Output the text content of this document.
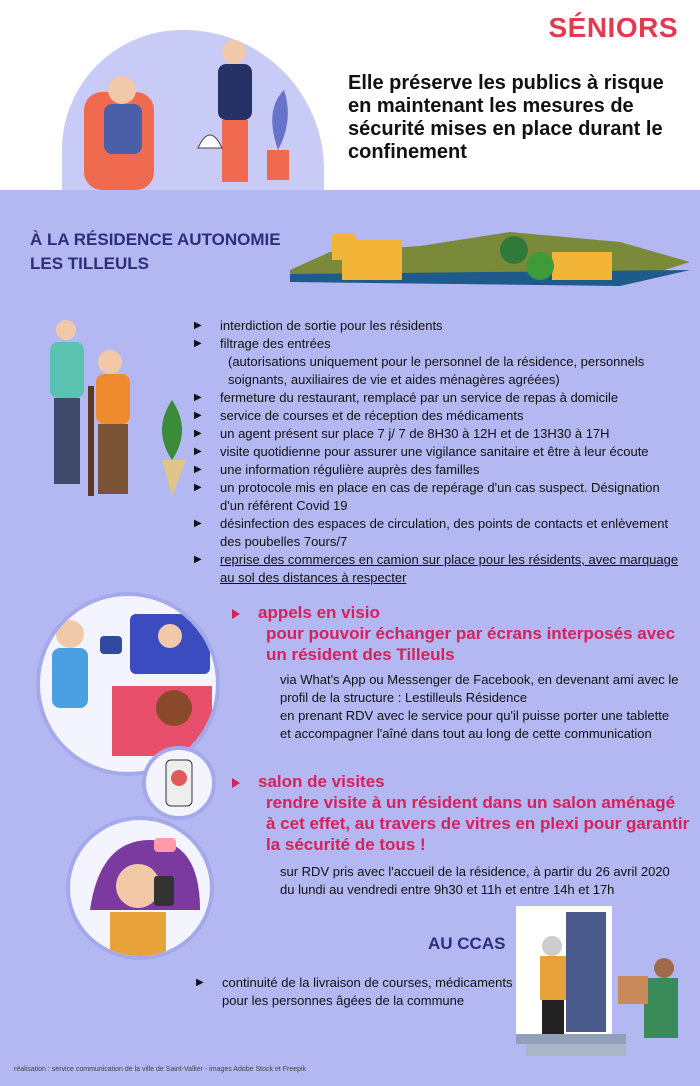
SÉNIORS
Elle préserve les publics à risque en maintenant les mesures de sécurité mises en place durant le confinement
À LA RÉSIDENCE AUTONOMIE
LES TILLEULS
▶ interdiction de sortie pour les résidents
▶ filtrage des entrées
(autorisations uniquement pour le personnel de la résidence, personnels soignants, auxiliaires de vie et aides ménagères agréées)
▶ fermeture du restaurant, remplacé par un service de repas à domicile
▶ service de courses et de réception des médicaments
▶ un agent présent sur place 7 j/ 7 de 8H30 à 12H et de 13H30 à 17H
▶ visite quotidienne pour assurer une vigilance sanitaire et être à leur écoute
▶ une information régulière auprès des familles
▶ un protocole mis en place en cas de repérage d'un cas suspect. Désignation d'un référent Covid 19
▶ désinfection des espaces de circulation, des points de contacts et enlèvement des poubelles 7ours/7
▶ reprise des commerces en camion sur place pour les résidents, avec marquage au sol des distances à respecter
appels en visio
pour pouvoir échanger par écrans interposés avec
un résident des Tilleuls
via What's App ou Messenger de Facebook, en devenant ami avec le
profil de la structure : Lestilleuls Résidence
en prenant RDV avec le service pour qu'il puisse porter une tablette
et accompagner l'aîné dans tout au long de cette communication
salon de visites
rendre visite à un résident dans un salon aménagé
à cet effet, au travers de vitres en plexi pour garantir
la sécurité de tous !
sur RDV pris avec l'accueil de la résidence, à partir du 26 avril 2020
du lundi au vendredi entre 9h30 et 11h et entre 14h et 17h
AU CCAS
▶ continuité de la livraison de courses, médicaments
pour les personnes âgées de la commune
réalisation : service communication de la ville de Saint-Vallier - images Adobe Stock et Freepik
